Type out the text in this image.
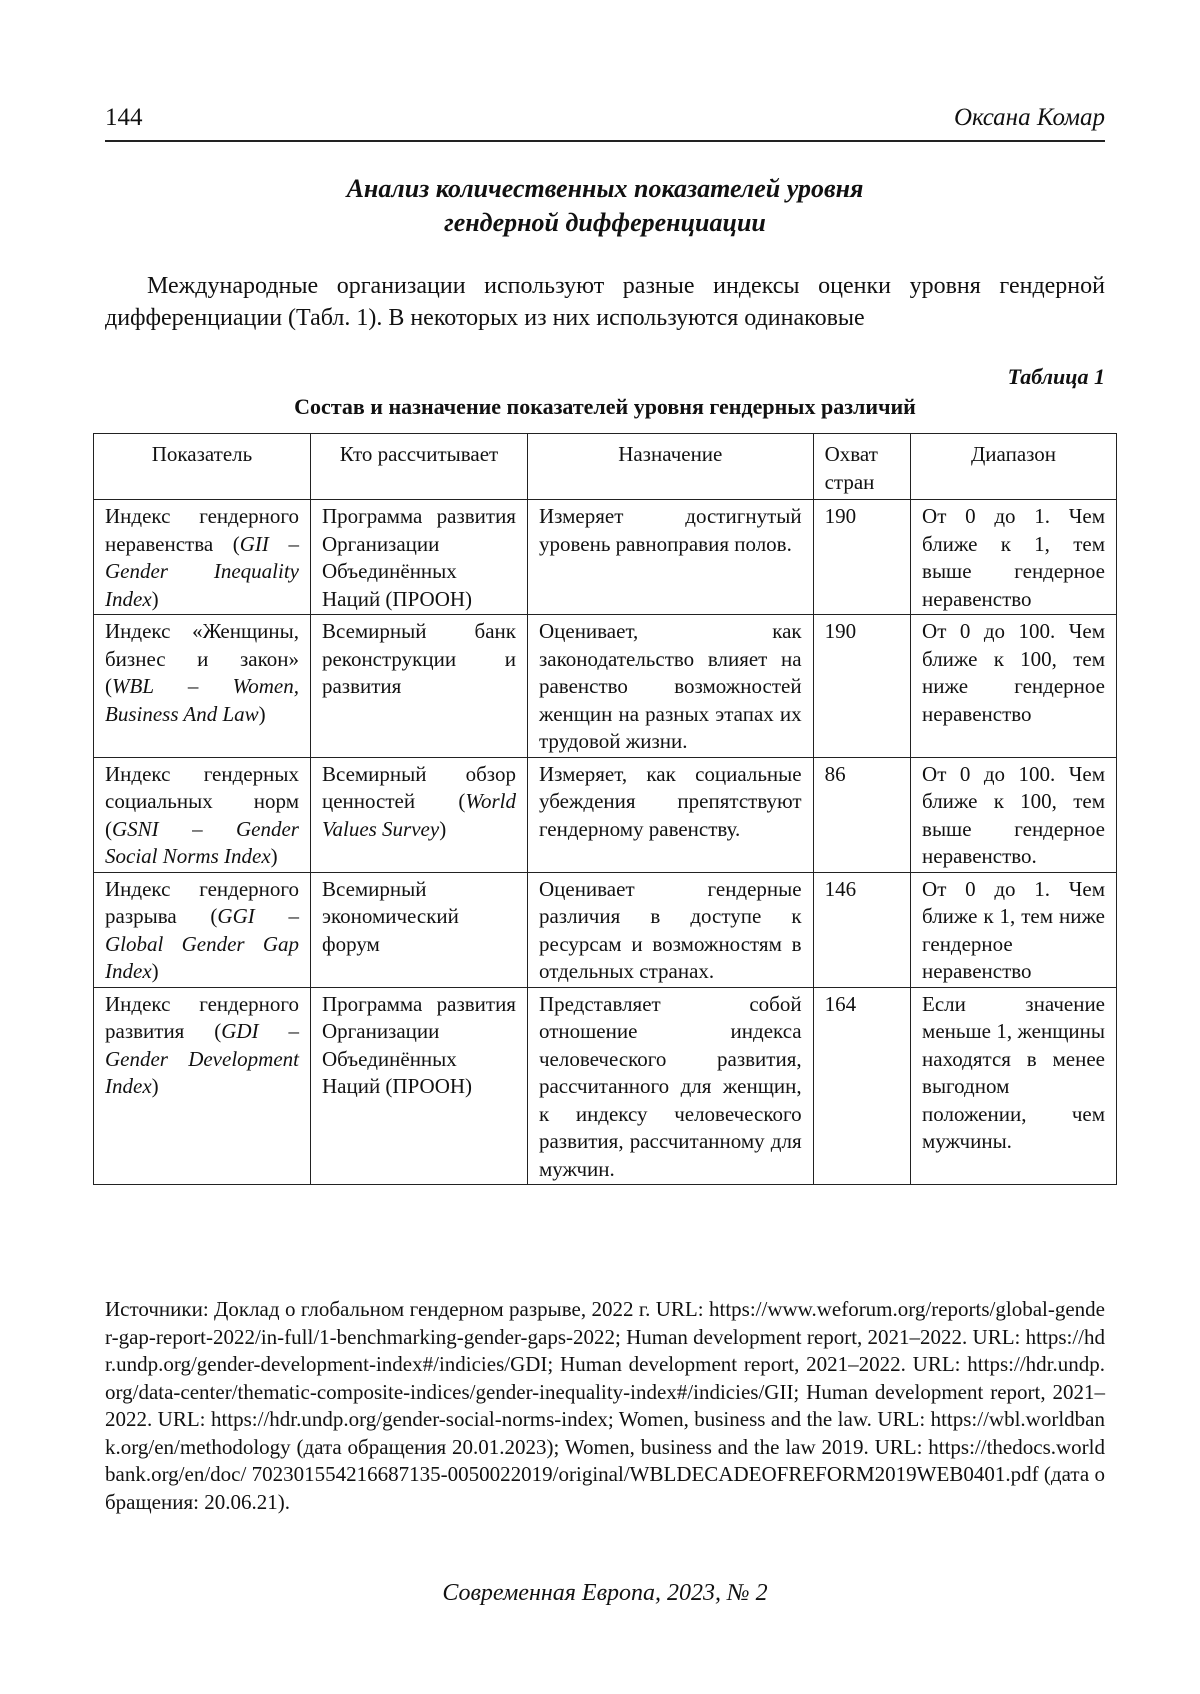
144	Оксана Комар
Анализ количественных показателей уровня
гендерной дифференциации

Международные организации используют разные индексы оценки уровня гендерной дифференциации (Табл. 1). В некоторых из них используются одинаковые

Таблица 1
Состав и назначение показателей уровня гендерных различий
Показатель	Кто рассчитывает	Назначение	Охват стран	Диапазон
Индекс гендерного неравенства (GII – Gender Inequality Index)	Программа развития Организации Объединённых Наций (ПРООН)	Измеряет достигнутый уровень равноправия полов.	190	От 0 до 1. Чем ближе к 1, тем выше гендерное неравенство
Индекс «Женщины, бизнес и закон» (WBL – Women, Business And Law)	Всемирный банк реконструкции и развития	Оценивает, как законодательство влияет на равенство возможностей женщин на разных этапах их трудовой жизни.	190	От 0 до 100. Чем ближе к 100, тем ниже гендерное неравенство
Индекс гендерных социальных норм (GSNI – Gender Social Norms Index)	Всемирный обзор ценностей (World Values Survey)	Измеряет, как социальные убеждения препятствуют гендерному равенству.	86	От 0 до 100. Чем ближе к 100, тем выше гендерное неравенство.
Индекс гендерного разрыва (GGI – Global Gender Gap Index)	Всемирный экономический форум	Оценивает гендерные различия в доступе к ресурсам и возможностям в отдельных странах.	146	От 0 до 1. Чем ближе к 1, тем ниже гендерное неравенство
Индекс гендерного развития (GDI – Gender Development Index)	Программа развития Организации Объединённых Наций (ПРООН)	Представляет собой отношение индекса человеческого развития, рассчитанного для женщин, к индексу человеческого развития, рассчитанному для мужчин.	164	Если значение меньше 1, женщины находятся в менее выгодном положении, чем мужчины.
Источники: Доклад о глобальном гендерном разрыве, 2022 г. URL: https://www.weforum.org/reports/global-gender-gap-report-2022/in-full/1-benchmarking-gender-gaps-2022; Human development report, 2021–2022. URL: https://hdr.undp.org/gender-development-index#/indicies/GDI; Human development report, 2021–2022. URL: https://hdr.undp.org/data-center/thematic-composite-indices/gender-inequality-index#/indicies/GII; Human development report, 2021–2022. URL: https://hdr.undp.org/gender-social-norms-index; Women, business and the law. URL: https://wbl.worldbank.org/en/methodology (дата обращения 20.01.2023); Women, business and the law 2019. URL: https://thedocs.worldbank.org/en/doc/ 702301554216687135-0050022019/original/WBLDECADEOFREFORM2019WEB0401.pdf (дата обращения: 20.06.21).
Современная Европа, 2023, № 2
